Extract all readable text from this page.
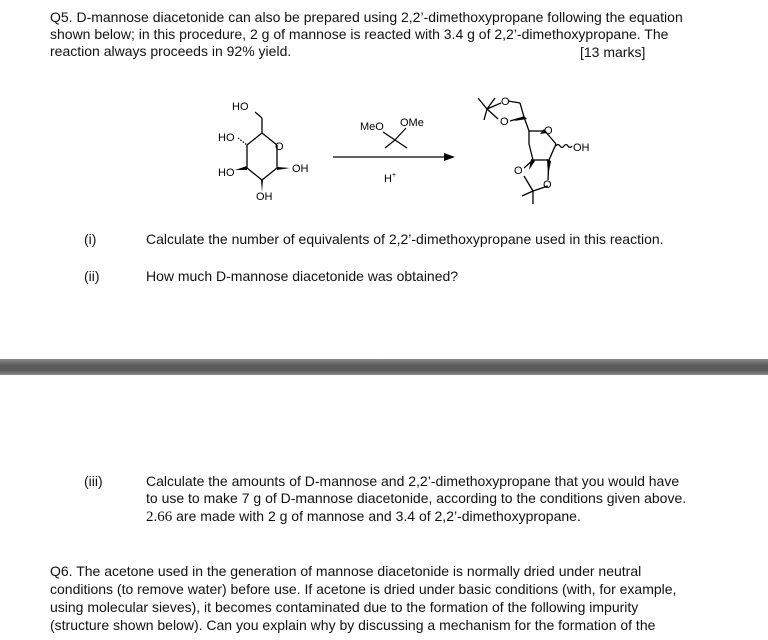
Q5. D-mannose diacetonide can also be prepared using 2,2’-dimethoxypropane following the equation
shown below; in this procedure, 2 g of mannose is reacted with 3.4 g of 2,2’-dimethoxypropane. The
reaction always proceeds in 92% yield.	[13 marks]
HO
HO
HO	OH
OH
O
MeO OMe
H+
O
O
O
OH
O
O
(i)	Calculate the number of equivalents of 2,2’-dimethoxypropane used in this reaction.
(ii)	How much D-mannose diacetonide was obtained?
(iii)	Calculate the amounts of D-mannose and 2,2’-dimethoxypropane that you would have
to use to make 7 g of D-mannose diacetonide, according to the conditions given above.
2.66 are made with 2 g of mannose and 3.4 of 2,2’-dimethoxypropane.
Q6. The acetone used in the generation of mannose diacetonide is normally dried under neutral
conditions (to remove water) before use. If acetone is dried under basic conditions (with, for example,
using molecular sieves), it becomes contaminated due to the formation of the following impurity
(structure shown below). Can you explain why by discussing a mechanism for the formation of the
